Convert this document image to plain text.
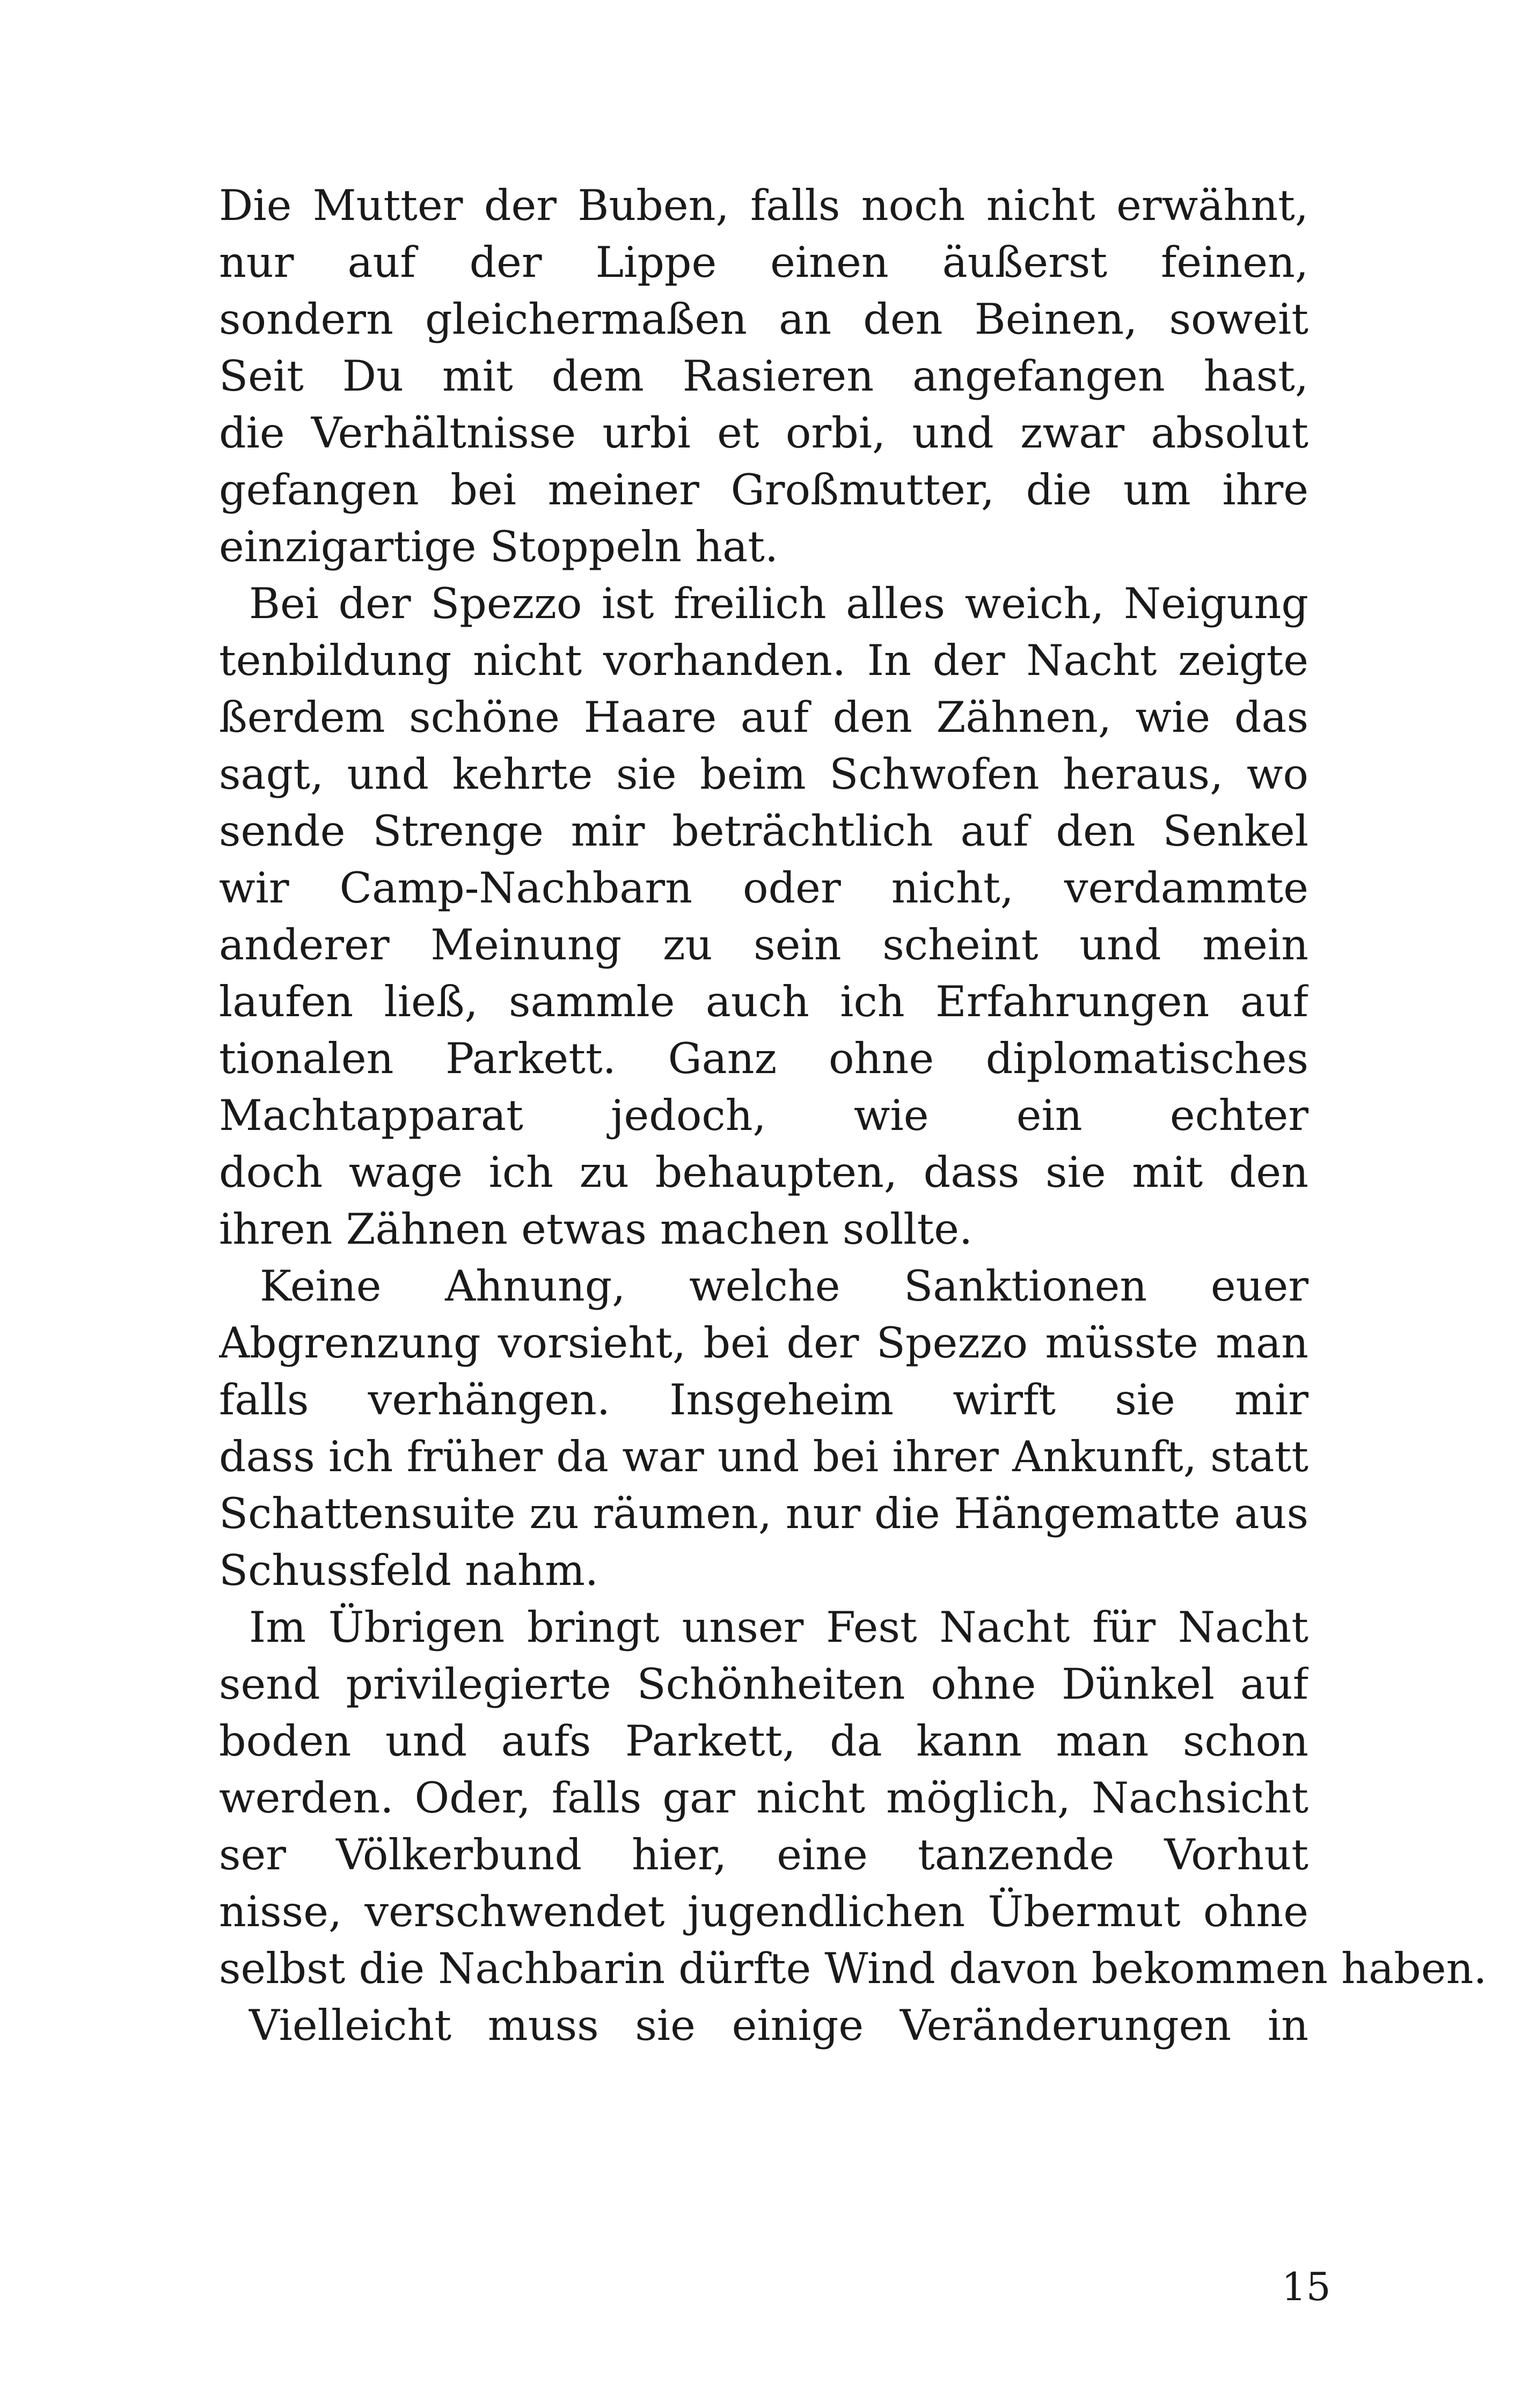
Die Mutter der Buben, falls noch nicht erwähnt,
nur auf der Lippe einen äußerst feinen,
sondern gleichermaßen an den Beinen, soweit
Seit Du mit dem Rasieren angefangen hast,
die Verhältnisse urbi et orbi, und zwar absolut
gefangen bei meiner Großmutter, die um ihre
einzigartige Stoppeln hat.
Bei der Spezzo ist freilich alles weich, Neigung
tenbildung nicht vorhanden. In der Nacht zeigte
ßerdem schöne Haare auf den Zähnen, wie das
sagt, und kehrte sie beim Schwofen heraus, wo
sende Strenge mir beträchtlich auf den Senkel
wir Camp-Nachbarn oder nicht, verdammte
anderer Meinung zu sein scheint und mein
laufen ließ, sammle auch ich Erfahrungen auf
tionalen Parkett. Ganz ohne diplomatisches
Machtapparat jedoch, wie ein echter
doch wage ich zu behaupten, dass sie mit den
ihren Zähnen etwas machen sollte.
Keine Ahnung, welche Sanktionen euer
Abgrenzung vorsieht, bei der Spezzo müsste man
falls verhängen. Insgeheim wirft sie mir
dass ich früher da war und bei ihrer Ankunft, statt
Schattensuite zu räumen, nur die Hängematte aus
Schussfeld nahm.
Im Übrigen bringt unser Fest Nacht für Nacht
send privilegierte Schönheiten ohne Dünkel auf
boden und aufs Parkett, da kann man schon
werden. Oder, falls gar nicht möglich, Nachsicht
ser Völkerbund hier, eine tanzende Vorhut
nisse, verschwendet jugendlichen Übermut ohne
selbst die Nachbarin dürfte Wind davon bekommen haben.
Vielleicht muss sie einige Veränderungen in
15
